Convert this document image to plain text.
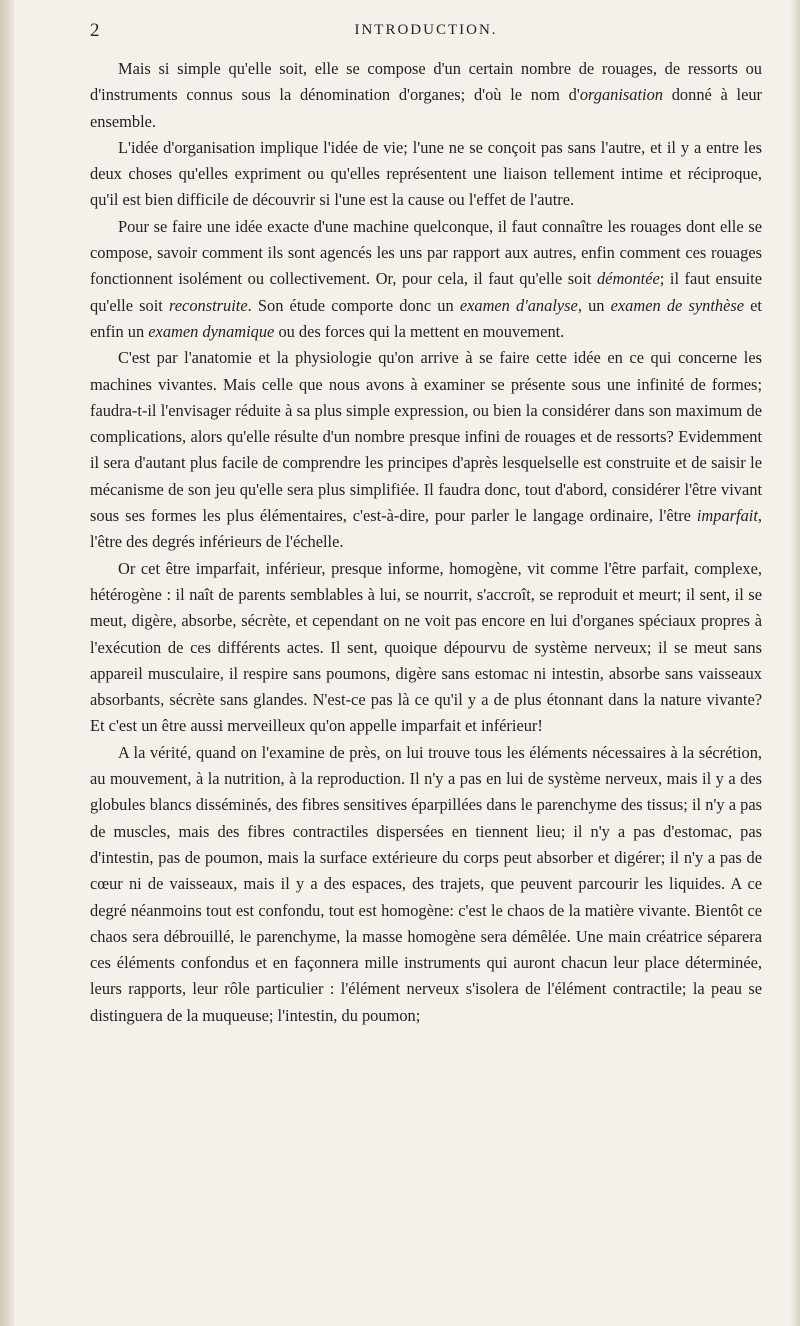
2	INTRODUCTION.

Mais si simple qu'elle soit, elle se compose d'un certain nombre de rouages, de ressorts ou d'instruments connus sous la dénomination d'organes; d'où le nom d'organisation donné à leur ensemble.

L'idée d'organisation implique l'idée de vie; l'une ne se conçoit pas sans l'autre, et il y a entre les deux choses qu'elles expriment ou qu'elles représentent une liaison tellement intime et réciproque, qu'il est bien difficile de découvrir si l'une est la cause ou l'effet de l'autre.

Pour se faire une idée exacte d'une machine quelconque, il faut connaître les rouages dont elle se compose, savoir comment ils sont agencés les uns par rapport aux autres, enfin comment ces rouages fonctionnent isolément ou collectivement. Or, pour cela, il faut qu'elle soit démontée; il faut ensuite qu'elle soit reconstruite. Son étude comporte donc un examen d'analyse, un examen de synthèse et enfin un examen dynamique ou des forces qui la mettent en mouvement.

C'est par l'anatomie et la physiologie qu'on arrive à se faire cette idée en ce qui concerne les machines vivantes. Mais celle que nous avons à examiner se présente sous une infinité de formes; faudra-t-il l'envisager réduite à sa plus simple expression, ou bien la considérer dans son maximum de complications, alors qu'elle résulte d'un nombre presque infini de rouages et de ressorts? Evidemment il sera d'autant plus facile de comprendre les principes d'après lesquelselle est construite et de saisir le mécanisme de son jeu qu'elle sera plus simplifiée. Il faudra donc, tout d'abord, considérer l'être vivant sous ses formes les plus élémentaires, c'est-à-dire, pour parler le langage ordinaire, l'être imparfait, l'être des degrés inférieurs de l'échelle.

Or cet être imparfait, inférieur, presque informe, homogène, vit comme l'être parfait, complexe, hétérogène : il naît de parents semblables à lui, se nourrit, s'accroît, se reproduit et meurt; il sent, il se meut, digère, absorbe, sécrète, et cependant on ne voit pas encore en lui d'organes spéciaux propres à l'exécution de ces différents actes. Il sent, quoique dépourvu de système nerveux; il se meut sans appareil musculaire, il respire sans poumons, digère sans estomac ni intestin, absorbe sans vaisseaux absorbants, sécrète sans glandes. N'est-ce pas là ce qu'il y a de plus étonnant dans la nature vivante? Et c'est un être aussi merveilleux qu'on appelle imparfait et inférieur!

A la vérité, quand on l'examine de près, on lui trouve tous les éléments nécessaires à la sécrétion, au mouvement, à la nutrition, à la reproduction. Il n'y a pas en lui de système nerveux, mais il y a des globules blancs disséminés, des fibres sensitives éparpillées dans le parenchyme des tissus; il n'y a pas de muscles, mais des fibres contractiles dispersées en tiennent lieu; il n'y a pas d'estomac, pas d'intestin, pas de poumon, mais la surface extérieure du corps peut absorber et digérer; il n'y a pas de cœur ni de vaisseaux, mais il y a des espaces, des trajets, que peuvent parcourir les liquides. A ce degré néanmoins tout est confondu, tout est homogène: c'est le chaos de la matière vivante. Bientôt ce chaos sera débrouillé, le parenchyme, la masse homogène sera démêlée. Une main créatrice séparera ces éléments confondus et en façonnera mille instruments qui auront chacun leur place déterminée, leurs rapports, leur rôle particulier : l'élément nerveux s'isolera de l'élément contractile; la peau se distinguera de la muqueuse; l'intestin, du poumon;
